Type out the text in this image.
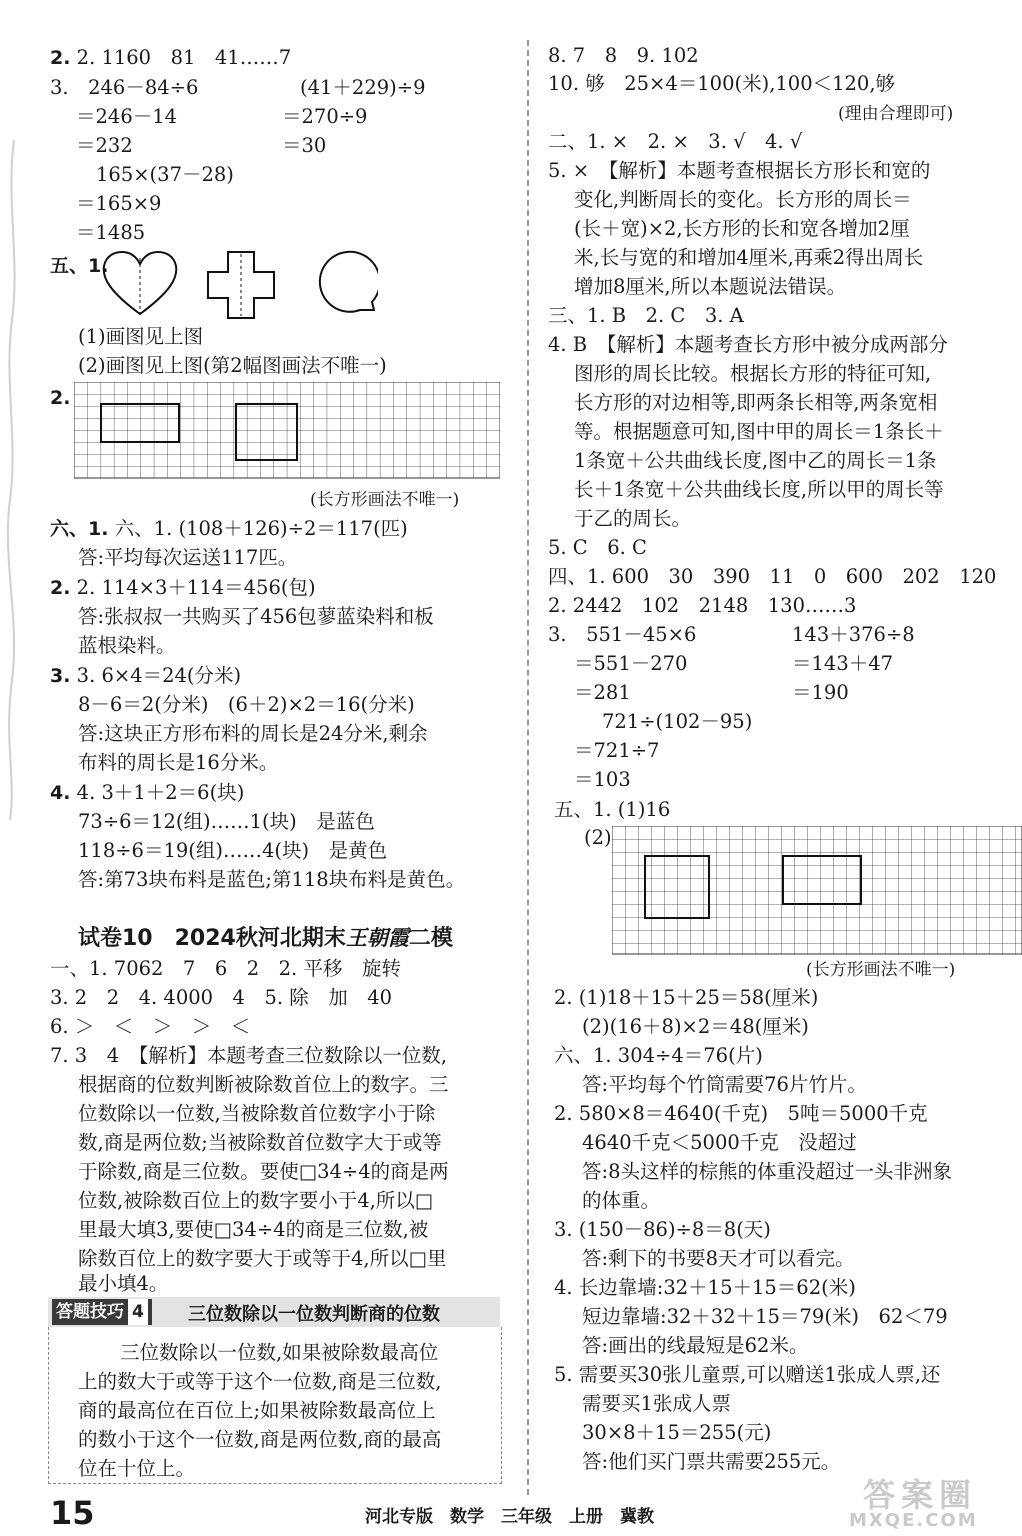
2. 2. 1160　81　41……7
3.　246－84÷6	(41＋229)÷9
＝246－14	＝270÷9
＝232	＝30
165×(37－28)
＝165×9
＝1485
五、1.
(1)画图见上图
(2)画图见上图(第2幅图画法不唯一)
2.
(长方形画法不唯一)
六、1. 六、1. (108＋126)÷2＝117(匹)
答:平均每次运送117匹。
2. 2. 114×3＋114＝456(包)
答:张叔叔一共购买了456包蓼蓝染料和板
蓝根染料。
3. 3. 6×4＝24(分米)
8－6＝2(分米)　(6＋2)×2＝16(分米)
答:这块正方形布料的周长是24分米,剩余
布料的周长是16分米。
4. 4. 3＋1＋2＝6(块)
73÷6＝12(组)……1(块)　是蓝色
118÷6＝19(组)……4(块)　是黄色
答:第73块布料是蓝色;第118块布料是黄色。
试卷10　2024秋河北期末王朝霞二模
一、1. 7062　7　6　2　2. 平移　旋转
3. 2　2　4. 4000　4　5. 除　加　40
6. ＞　＜　＞　＞　＜
7. 3　4　【解析】本题考查三位数除以一位数,
根据商的位数判断被除数首位上的数字。三
位数除以一位数,当被除数首位数字小于除
数,商是两位数;当被除数首位数字大于或等
于除数,商是三位数。要使□34÷4的商是两
位数,被除数百位上的数字要小于4,所以□
里最大填3,要使□34÷4的商是三位数,被
除数百位上的数字要大于或等于4,所以□里
最小填4。
答题技巧 4	三位数除以一位数判断商的位数
三位数除以一位数,如果被除数最高位
上的数大于或等于这个一位数,商是三位数,
商的最高位在百位上;如果被除数最高位上
的数小于这个一位数,商是两位数,商的最高
位在十位上。
8. 7　8　9. 102
10. 够　25×4＝100(米),100＜120,够
(理由合理即可)
二、1. ×　2. ×　3. √　4. √
5. ×　【解析】本题考查根据长方形长和宽的
变化,判断周长的变化。长方形的周长＝
(长＋宽)×2,长方形的长和宽各增加2厘
米,长与宽的和增加4厘米,再乘2得出周长
增加8厘米,所以本题说法错误。
三、1. B　2. C　3. A
4. B　【解析】本题考查长方形中被分成两部分
图形的周长比较。根据长方形的特征可知,
长方形的对边相等,即两条长相等,两条宽相
等。根据题意可知,图中甲的周长＝1条长＋
1条宽＋公共曲线长度,图中乙的周长＝1条
长＋1条宽＋公共曲线长度,所以甲的周长等
于乙的周长。
5. C　6. C
四、1. 600　30　390　11　0　600　202　120
2. 2442　102　2148　130……3
3.　551－45×6	143＋376÷8
＝551－270	＝143＋47
＝281	＝190
721÷(102－95)
＝721÷7
＝103
五、1. (1)16
(2)
(长方形画法不唯一)
2. (1)18＋15＋25＝58(厘米)
(2)(16＋8)×2＝48(厘米)
六、1. 304÷4＝76(片)
答:平均每个竹筒需要76片竹片。
2. 580×8＝4640(千克)　5吨＝5000千克
4640千克＜5000千克　没超过
答:8头这样的棕熊的体重没超过一头非洲象
的体重。
3. (150－86)÷8＝8(天)
答:剩下的书要8天才可以看完。
4. 长边靠墙:32＋15＋15＝62(米)
短边靠墙:32＋32＋15＝79(米)　62＜79
答:画出的线最短是62米。
5. 需要买30张儿童票,可以赠送1张成人票,还
需要买1张成人票
30×8＋15＝255(元)
答:他们买门票共需要255元。
15	河北专版　数学　三年级　上册　冀教
答案圈
MXQE.COM
